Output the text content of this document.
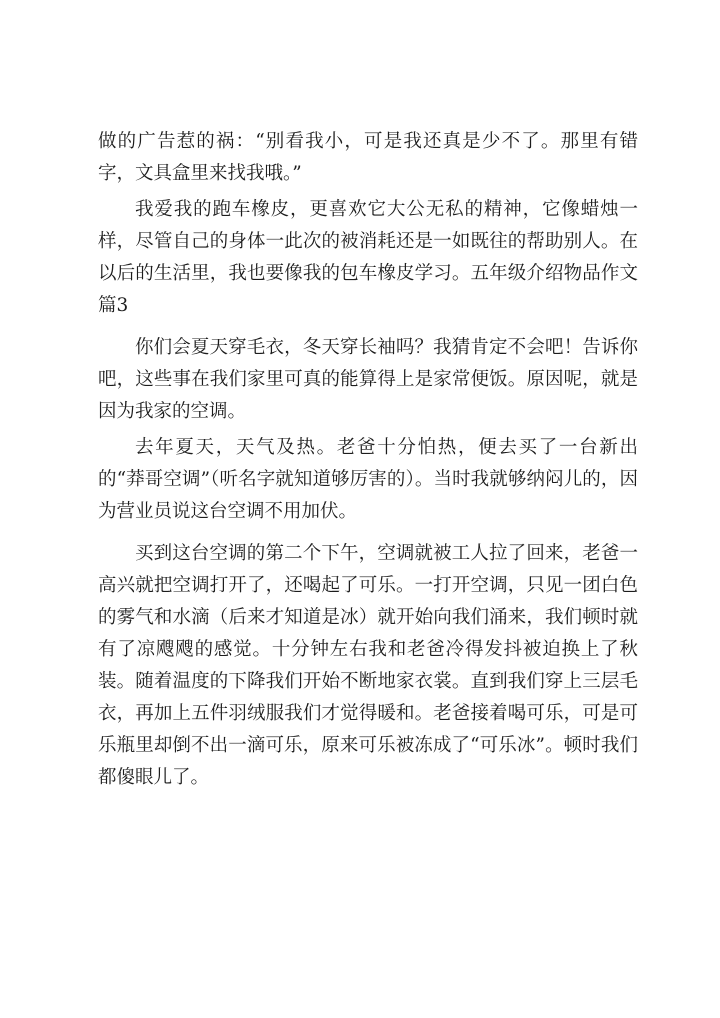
做的广告惹的祸：“别看我小，可是我还真是少不了。那里有错字，文具盒里来找我哦。”

我爱我的跑车橡皮，更喜欢它大公无私的精神，它像蜡烛一样，尽管自己的身体一此次的被消耗还是一如既往的帮助别人。在以后的生活里，我也要像我的包车橡皮学习。五年级介绍物品作文 篇3

你们会夏天穿毛衣，冬天穿长袖吗？我猜肯定不会吧！告诉你吧，这些事在我们家里可真的能算得上是家常便饭。原因呢，就是因为我家的空调。

去年夏天，天气及热。老爸十分怕热，便去买了一台新出的“莽哥空调”（听名字就知道够厉害的）。当时我就够纳闷儿的，因为营业员说这台空调不用加伏。

买到这台空调的第二个下午，空调就被工人拉了回来，老爸一高兴就把空调打开了，还喝起了可乐。一打开空调，只见一团白色的雾气和水滴（后来才知道是冰）就开始向我们涌来，我们顿时就有了凉飕飕的感觉。十分钟左右我和老爸冷得发抖被迫换上了秋装。随着温度的下降我们开始不断地家衣裳。直到我们穿上三层毛衣，再加上五件羽绒服我们才觉得暖和。老爸接着喝可乐，可是可乐瓶里却倒不出一滴可乐，原来可乐被冻成了“可乐冰”。顿时我们都傻眼儿了。
